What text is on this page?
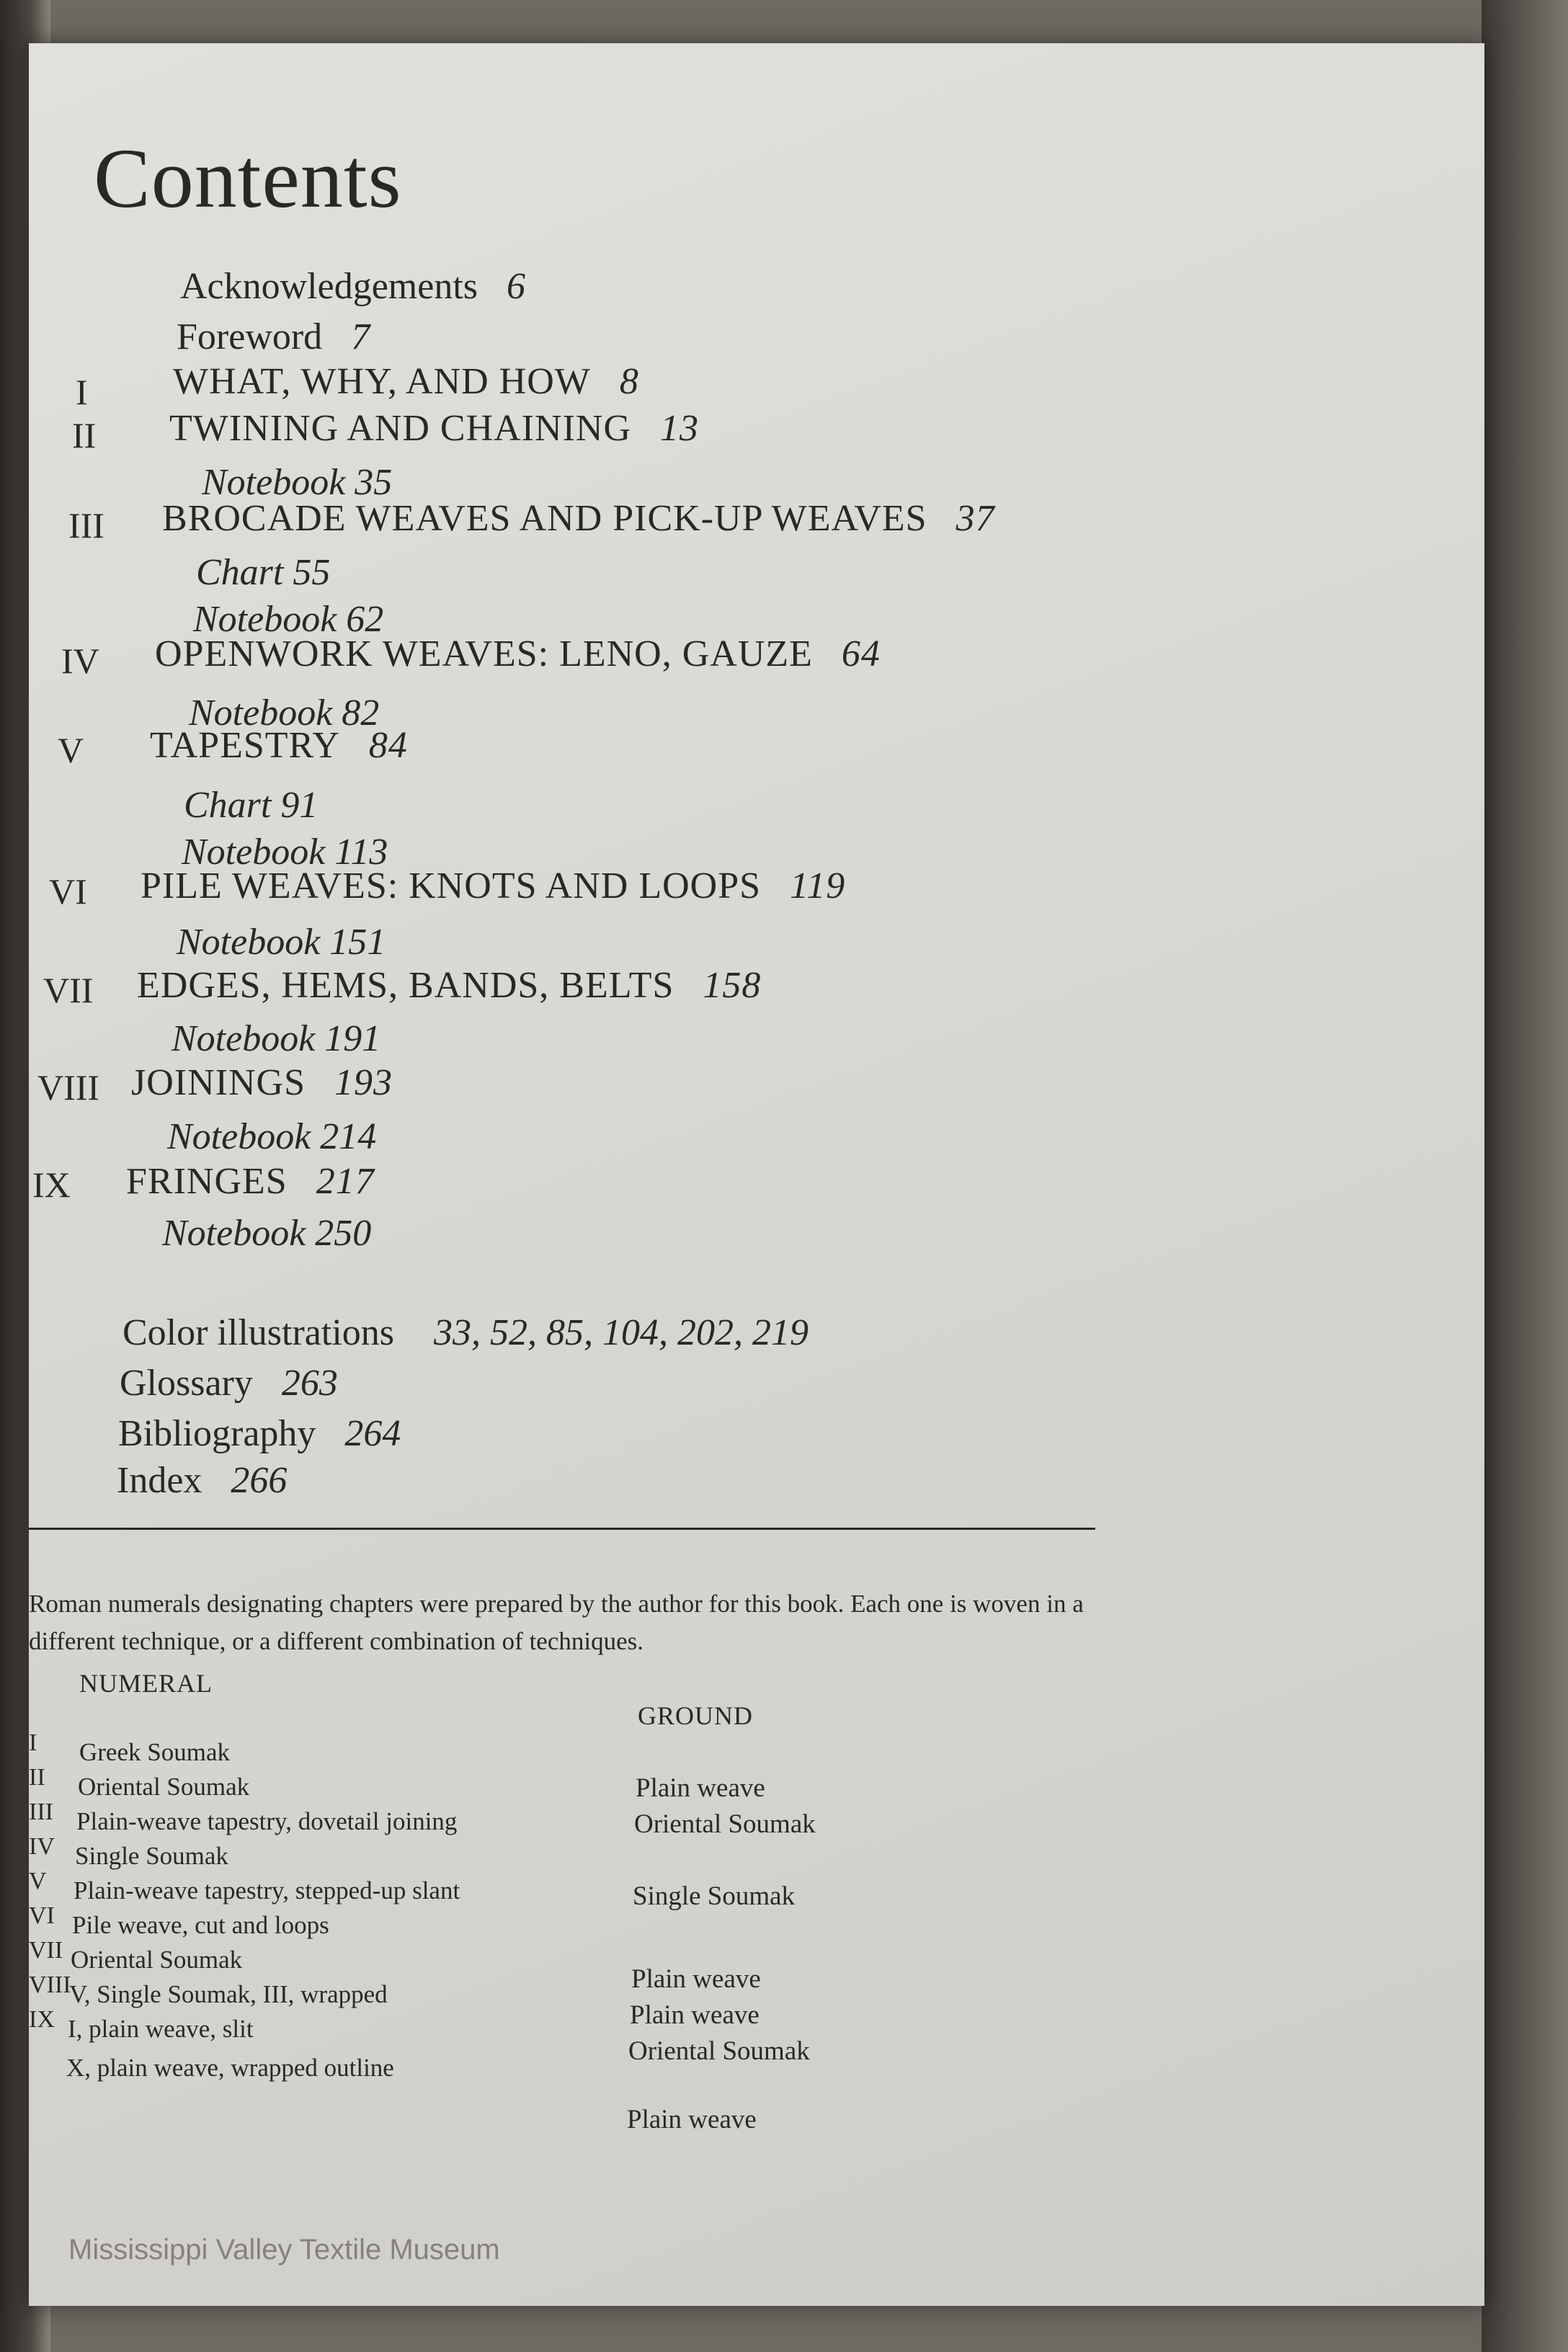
Contents
Acknowledgements 6
Foreword 7
I WHAT, WHY, AND HOW 8
II TWINING AND CHAINING 13
Notebook 35
III BROCADE WEAVES AND PICK-UP WEAVES 37
Chart 55
Notebook 62
IV OPENWORK WEAVES: LENO, GAUZE 64
Notebook 82
V TAPESTRY 84
Chart 91
Notebook 113
VI PILE WEAVES: KNOTS AND LOOPS 119
Notebook 151
VII EDGES, HEMS, BANDS, BELTS 158
Notebook 191
VIII JOININGS 193
Notebook 214
IX FRINGES 217
Notebook 250
Color illustrations 33, 52, 85, 104, 202, 219
Glossary 263
Bibliography 264
Index 266

Roman numerals designating chapters were prepared by the author for this book. Each one is woven in a different technique, or a different combination of techniques.

NUMERAL
GROUND
I
II
III
IV
V
VI
VII
VIII
IX
Greek Soumak
Oriental Soumak
Plain-weave tapestry, dovetail joining
Single Soumak
Plain-weave tapestry, stepped-up slant
Pile weave, cut and loops
Oriental Soumak
V, Single Soumak, III, wrapped
I, plain weave, slit
X, plain weave, wrapped outline
Plain weave
Oriental Soumak
Single Soumak
Plain weave
Plain weave
Oriental Soumak
Plain weave
Mississippi Valley Textile Museum
